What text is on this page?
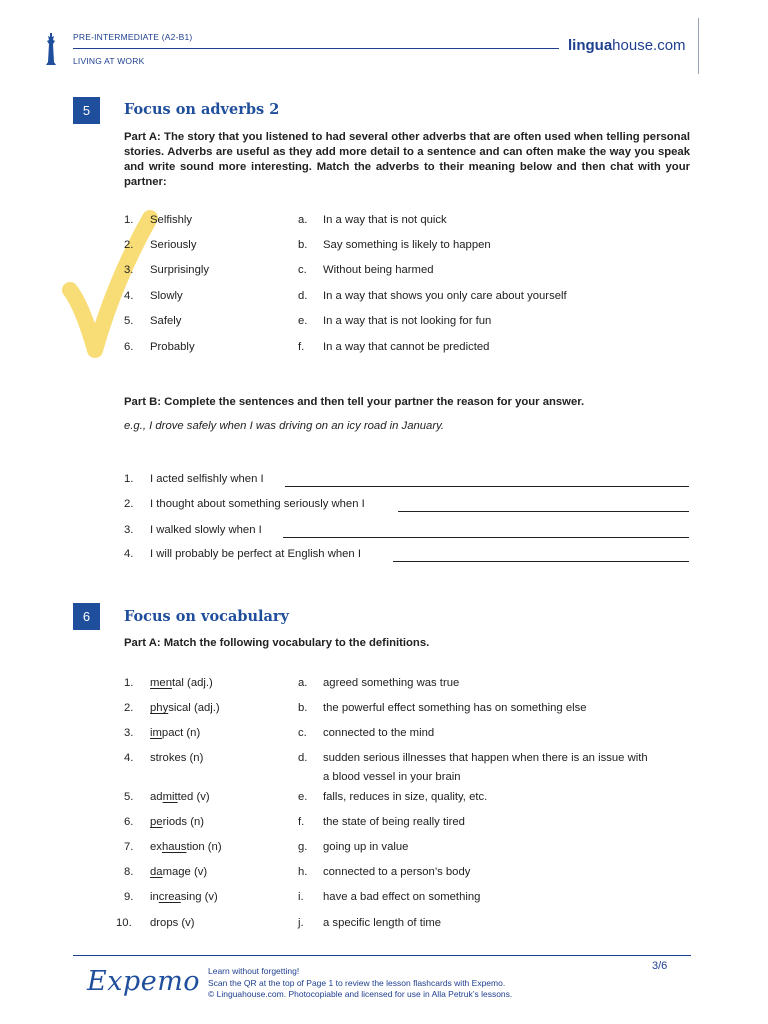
PRE-INTERMEDIATE (A2-B1)
LIVING AT WORK
linguahouse.com
5	Focus on adverbs 2
Part A: The story that you listened to had several other adverbs that are often used when telling personal stories. Adverbs are useful as they add more detail to a sentence and can often make the way you speak and write sound more interesting. Match the adverbs to their meaning below and then chat with your partner:
1.	Selfishly	a. In a way that is not quick
2.	Seriously	b. Say something is likely to happen
3.	Surprisingly	c. Without being harmed
4.	Slowly	d. In a way that shows you only care about yourself
5.	Safely	e. In a way that is not looking for fun
6.	Probably	f. In a way that cannot be predicted
Part B: Complete the sentences and then tell your partner the reason for your answer.
e.g., I drove safely when I was driving on an icy road in January.
1.	I acted selfishly when I
2.	I thought about something seriously when I
3.	I walked slowly when I
4.	I will probably be perfect at English when I
6	Focus on vocabulary
Part A: Match the following vocabulary to the definitions.
1.	mental (adj.)	a. agreed something was true
2.	physical (adj.)	b. the powerful effect something has on something else
3.	impact (n)	c. connected to the mind
4.	strokes (n)	d. sudden serious illnesses that happen when there is an issue with
a blood vessel in your brain
5.	admitted (v)	e. falls, reduces in size, quality, etc.
6.	periods (n)	f. the state of being really tired
7.	exhaustion (n)	g. going up in value
8.	damage (v)	h. connected to a person’s body
9.	increasing (v)	i. have a bad effect on something
10.	drops (v)	j. a specific length of time
Expemo Learn without forgetting!
Scan the QR at the top of Page 1 to review the lesson flashcards with Expemo.
© Linguahouse.com. Photocopiable and licensed for use in Alla Petruk’s lessons.
3/6
